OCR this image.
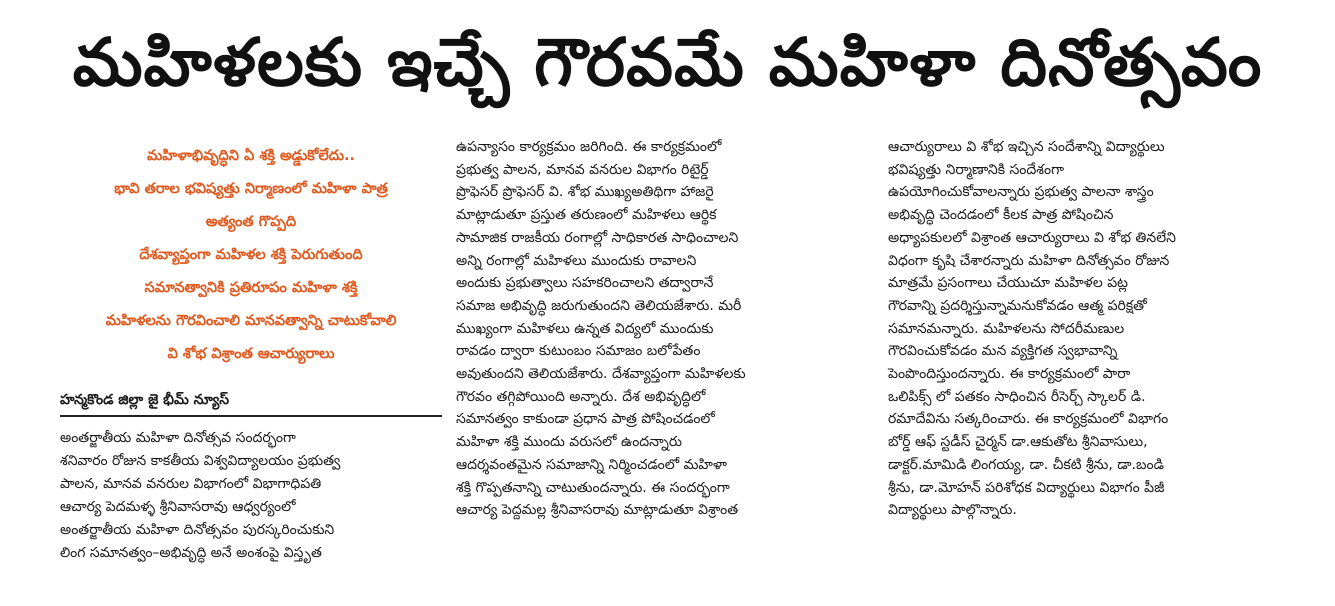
మహిళలకు ఇచ్చే గౌరవమే మహిళా దినోత్సవం
మహిళాభివృద్ధిని ఏ శక్తి అడ్డుకోలేదు..
భావి తరాల భవిష్యత్తు నిర్మాణంలో మహిళా పాత్ర
అత్యంత గొప్పది
దేశవ్యాప్తంగా మహిళల శక్తి పెరుగుతుంది
సమానత్వానికి ప్రతిరూపం మహిళా శక్తి
మహిళలను గౌరవించాలి మానవత్వాన్ని చాటుకోవాలి
వి శోభ విశ్రాంత ఆచార్యురాలు
హన్మకొండ జిల్లా జై భీమ్ న్యూస్
అంతర్జాతీయ మహిళా దినోత్సవ సందర్భంగా
శనివారం రోజున కాకతీయ విశ్వవిద్యాలయం ప్రభుత్వ
పాలన, మానవ వనరుల విభాగంలో విభాగాధిపతి
ఆచార్య పెదమళ్ళ శ్రీనివాసరావు ఆధ్వర్యంలో
అంతర్జాతీయ మహిళా దినోత్సవం పురస్కరించుకుని
లింగ సమానత్వం–అభివృద్ధి అనే అంశంపై విస్తృత
ఉపన్యాసం కార్యక్రమం జరిగింది. ఈ కార్యక్రమంలో
ప్రభుత్వ పాలన, మానవ వనరుల విభాగం రిటైర్డ్
ప్రొఫెసర్ ప్రొఫెసర్ వి. శోభ ముఖ్యఅతిథిగా హాజరై
మాట్లాడుతూ ప్రస్తుత తరుణంలో మహిళలు ఆర్థిక
సామాజిక రాజకీయ రంగాల్లో సాధికారత సాధించాలని
అన్ని రంగాల్లో మహిళలు ముందుకు రావాలని
అందుకు ప్రభుత్వాలు సహకరించాలని తద్వారానే
సమాజ అభివృద్ధి జరుగుతుందని తెలియజేశారు. మరీ
ముఖ్యంగా మహిళలు ఉన్నత విద్యలో ముందుకు
రావడం ద్వారా కుటుంబం సమాజం బలోపేతం
అవుతుందని తెలియజేశారు. దేశవ్యాప్తంగా మహిళలకు
గౌరవం తగ్గిపోయింది అన్నారు. దేశ అభివృద్ధిలో
సమానత్వం కాకుండా ప్రధాన పాత్ర పోషించడంలో
మహిళా శక్తి ముందు వరుసలో ఉందన్నారు
ఆదర్శవంతమైన సమాజాన్ని నిర్మించడంలో మహిళా
శక్తి గొప్పతనాన్ని చాటుతుందన్నారు. ఈ సందర్భంగా
ఆచార్య పెద్దమల్ల శ్రీనివాసరావు మాట్లాడుతూ విశ్రాంత
ఆచార్యురాలు వి శోభ ఇచ్చిన సందేశాన్ని విద్యార్థులు
భవిష్యత్తు నిర్మాణానికి సందేశంగా
ఉపయోగించుకోవాలన్నారు ప్రభుత్వ పాలనా శాస్త్రం
అభివృద్ధి చెందడంలో కీలక పాత్ర పోషించిన
అధ్యాపకులలో విశ్రాంత ఆచార్యురాలు వి శోభ తినలేని
విధంగా కృషి చేశారన్నారు మహిళా దినోత్సవం రోజున
మాత్రమే ప్రసంగాలు చేయుచూ మహిళల పట్ల
గౌరవాన్ని ప్రదర్శిస్తున్నామనుకోవడం ఆత్మ పరిక్షతో
సమానమన్నారు. మహిళలను సోదరీమణుల
గౌరవించుకోవడం మన వ్యక్తిగత స్వభావాన్ని
పెంపొందిస్తుందన్నారు. ఈ కార్యక్రమంలో పారా
ఒలిపిక్స్ లో పతకం సాధించిన రీసెర్చ్ స్కాలర్ డి.
రమాదేవిను సత్కరించారు. ఈ కార్యక్రమంలో విభాగం
బోర్డ్ ఆఫ్ స్టడీస్ చైర్మన్ డా.ఆకుతోట శ్రీనివాసులు,
డాక్టర్.మామిడి లింగయ్య, డా. చీకటి శ్రీను, డా.బండి
శ్రీను, డా.మోహన్ పరిశోధక విద్యార్థులు విభాగం పీజీ
విద్యార్థులు పాల్గొన్నారు.
